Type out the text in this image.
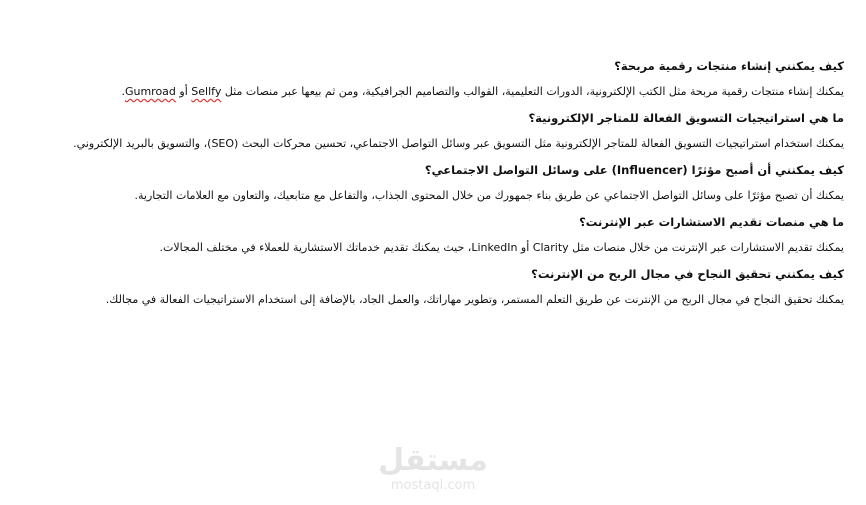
كيف يمكنني إنشاء منتجات رقمية مربحة؟

يمكنك إنشاء منتجات رقمية مربحة مثل الكتب الإلكترونية، الدورات التعليمية، القوالب والتصاميم الجرافيكية، ومن ثم بيعها عبر منصات مثل Sellfy أو Gumroad.

ما هي استراتيجيات التسويق الفعالة للمتاجر الإلكترونية؟

يمكنك استخدام استراتيجيات التسويق الفعالة للمتاجر الإلكترونية مثل التسويق عبر وسائل التواصل الاجتماعي، تحسين محركات البحث (SEO)، والتسويق بالبريد الإلكتروني.

كيف يمكنني أن أصبح مؤثرًا (Influencer) على وسائل التواصل الاجتماعي؟

يمكنك أن تصبح مؤثرًا على وسائل التواصل الاجتماعي عن طريق بناء جمهورك من خلال المحتوى الجذاب، والتفاعل مع متابعيك، والتعاون مع العلامات التجارية.

ما هي منصات تقديم الاستشارات عبر الإنترنت؟

يمكنك تقديم الاستشارات عبر الإنترنت من خلال منصات مثل Clarity أو LinkedIn، حيث يمكنك تقديم خدماتك الاستشارية للعملاء في مختلف المجالات.

كيف يمكنني تحقيق النجاح في مجال الربح من الإنترنت؟

يمكنك تحقيق النجاح في مجال الربح من الإنترنت عن طريق التعلم المستمر، وتطوير مهاراتك، والعمل الجاد، بالإضافة إلى استخدام الاستراتيجيات الفعالة في مجالك.

مستقل
mostaql.com
